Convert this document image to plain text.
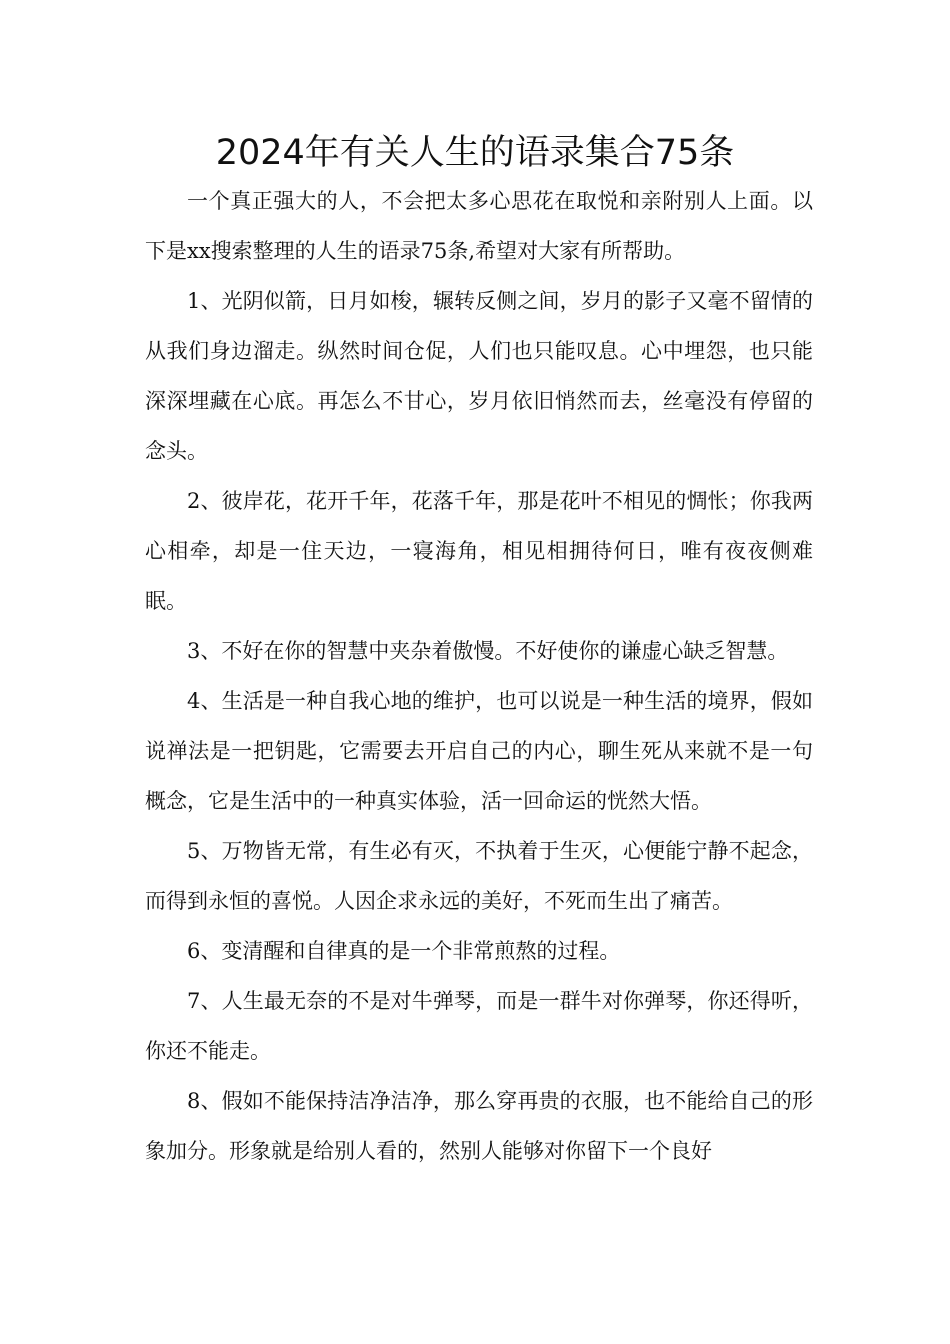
2024年有关人生的语录集合75条

一个真正强大的人，不会把太多心思花在取悦和亲附别人上面。以下是xx搜索整理的人生的语录75条,希望对大家有所帮助。

1、光阴似箭，日月如梭，辗转反侧之间，岁月的影子又毫不留情的从我们身边溜走。纵然时间仓促，人们也只能叹息。心中埋怨，也只能深深埋藏在心底。再怎么不甘心，岁月依旧悄然而去，丝毫没有停留的念头。

2、彼岸花，花开千年，花落千年，那是花叶不相见的惆怅；你我两心相牵，却是一住天边，一寝海角，相见相拥待何日，唯有夜夜侧难眠。

3、不好在你的智慧中夹杂着傲慢。不好使你的谦虚心缺乏智慧。

4、生活是一种自我心地的维护，也可以说是一种生活的境界，假如说禅法是一把钥匙，它需要去开启自己的内心，聊生死从来就不是一句概念，它是生活中的一种真实体验，活一回命运的恍然大悟。

5、万物皆无常，有生必有灭，不执着于生灭，心便能宁静不起念，而得到永恒的喜悦。人因企求永远的美好，不死而生出了痛苦。

6、变清醒和自律真的是一个非常煎熬的过程。

7、人生最无奈的不是对牛弹琴，而是一群牛对你弹琴，你还得听，你还不能走。

8、假如不能保持洁净洁净，那么穿再贵的衣服，也不能给自己的形象加分。形象就是给别人看的，然别人能够对你留下一个良好
